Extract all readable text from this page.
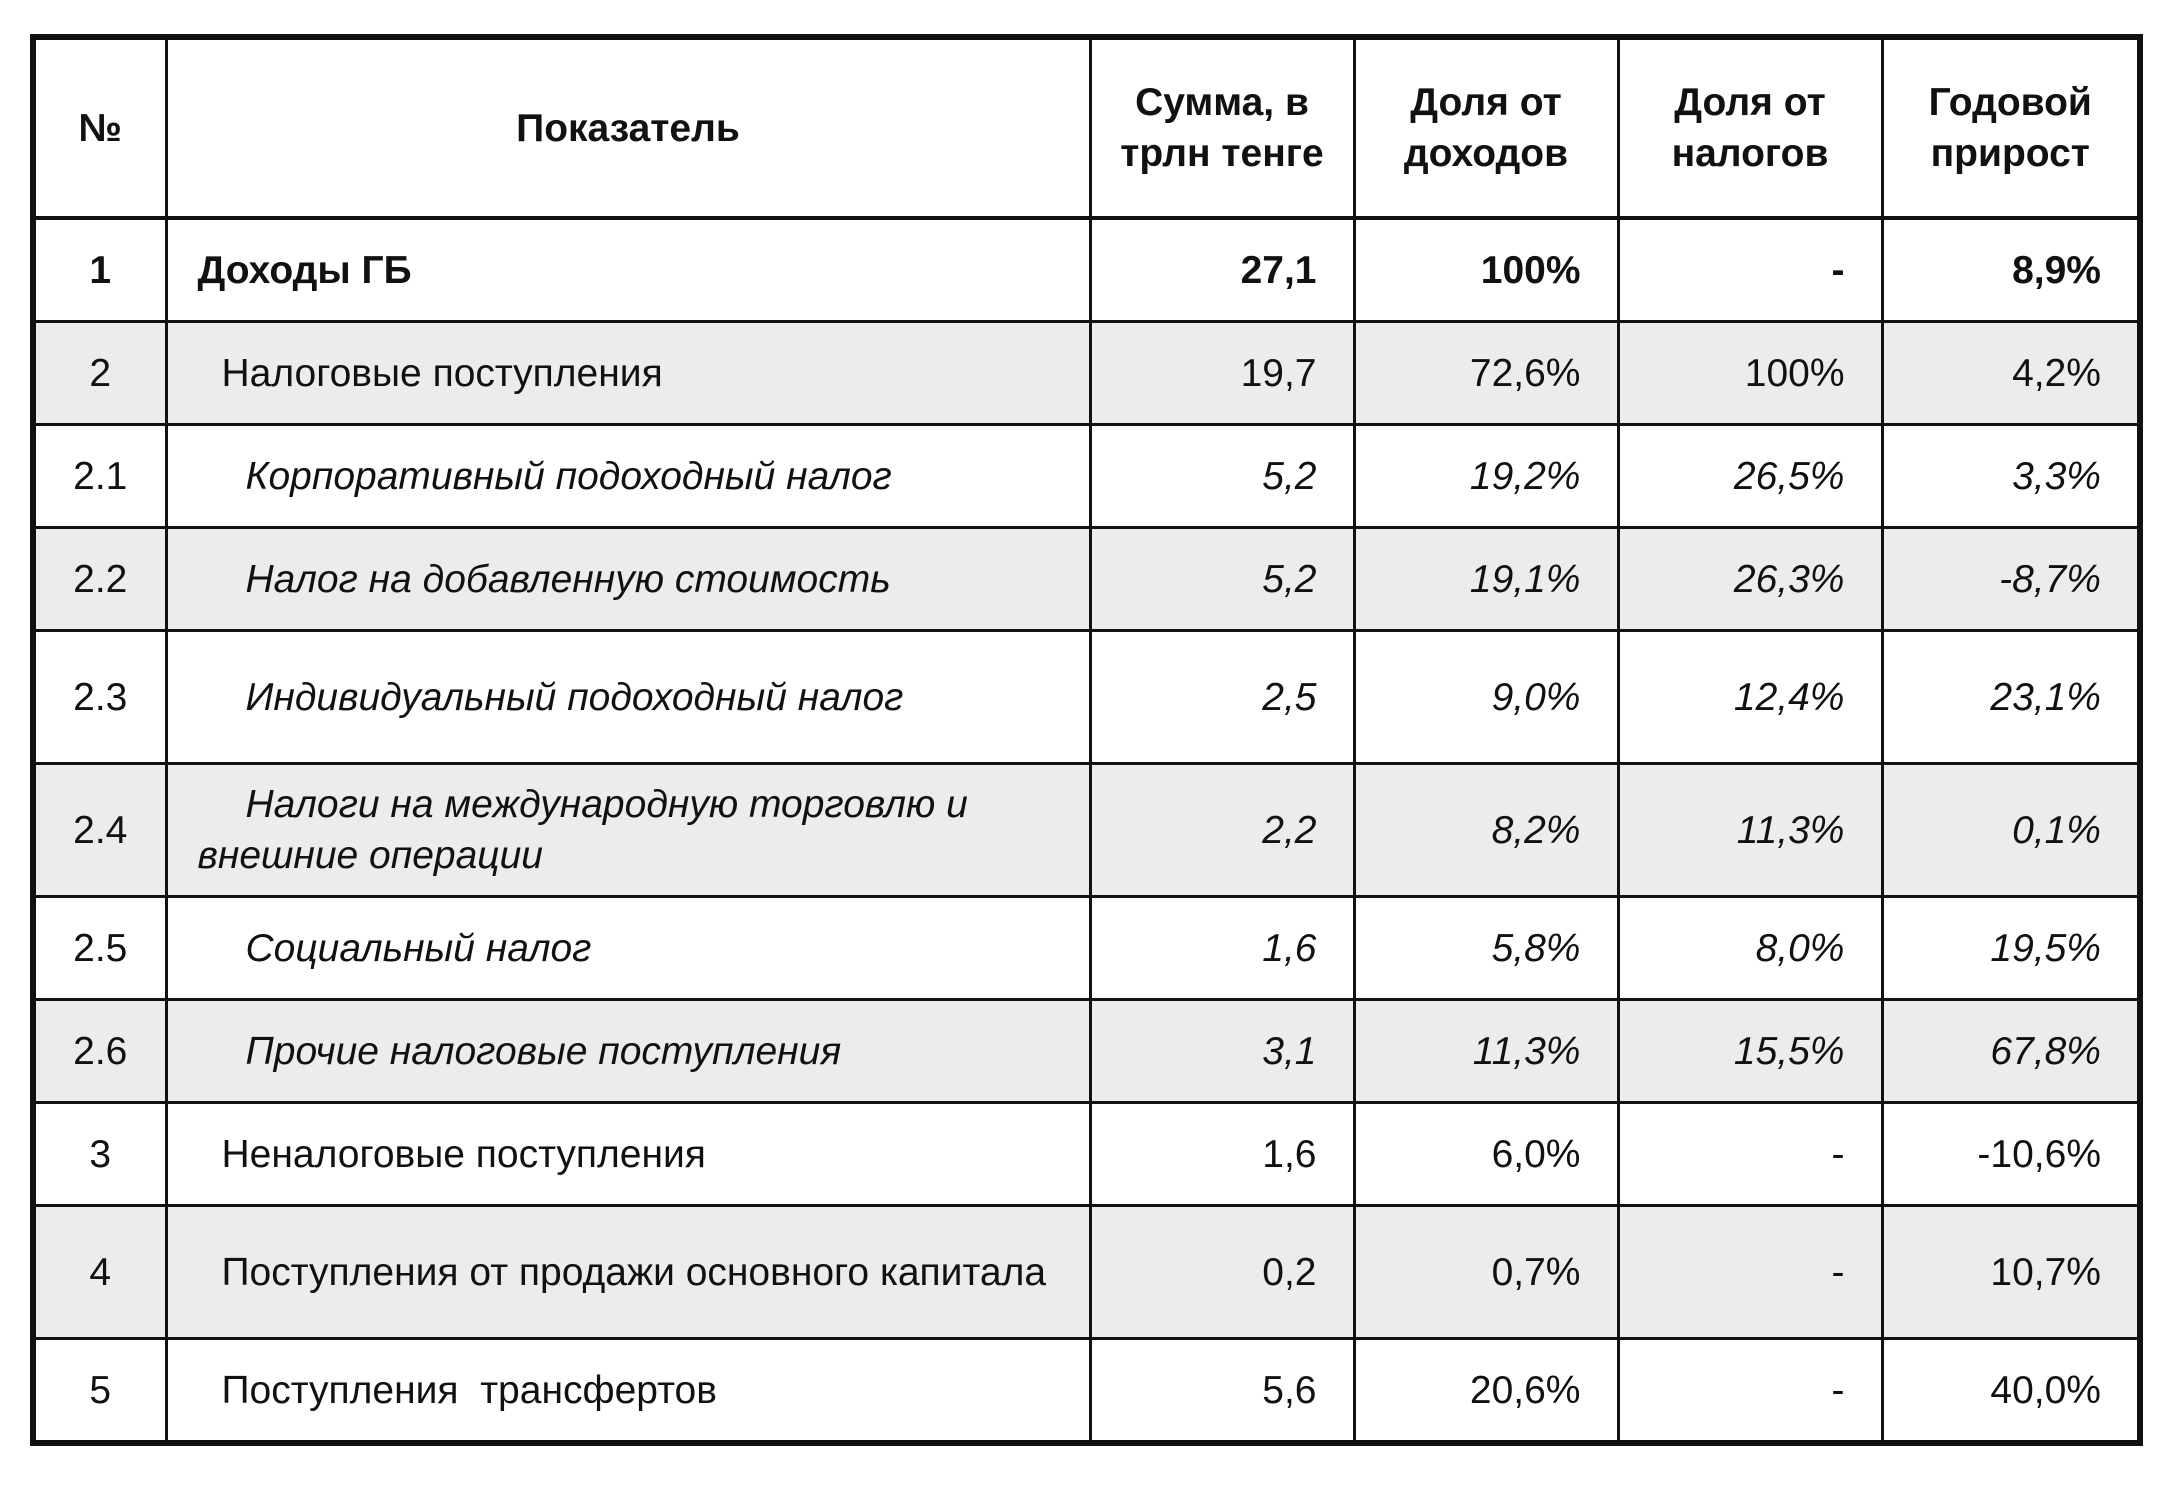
№	Показатель	Сумма, в трлн тенге	Доля от доходов	Доля от налогов	Годовой прирост
1	Доходы ГБ	27,1	100%	-	8,9%
2	Налоговые поступления	19,7	72,6%	100%	4,2%
2.1	Корпоративный подоходный налог	5,2	19,2%	26,5%	3,3%
2.2	Налог на добавленную стоимость	5,2	19,1%	26,3%	-8,7%
2.3	Индивидуальный подоходный налог	2,5	9,0%	12,4%	23,1%
2.4	Налоги на международную торговлю и внешние операции	2,2	8,2%	11,3%	0,1%
2.5	Социальный налог	1,6	5,8%	8,0%	19,5%
2.6	Прочие налоговые поступления	3,1	11,3%	15,5%	67,8%
3	Неналоговые поступления	1,6	6,0%	-	-10,6%
4	Поступления от продажи основного капитала	0,2	0,7%	-	10,7%
5	Поступления  трансфертов	5,6	20,6%	-	40,0%
